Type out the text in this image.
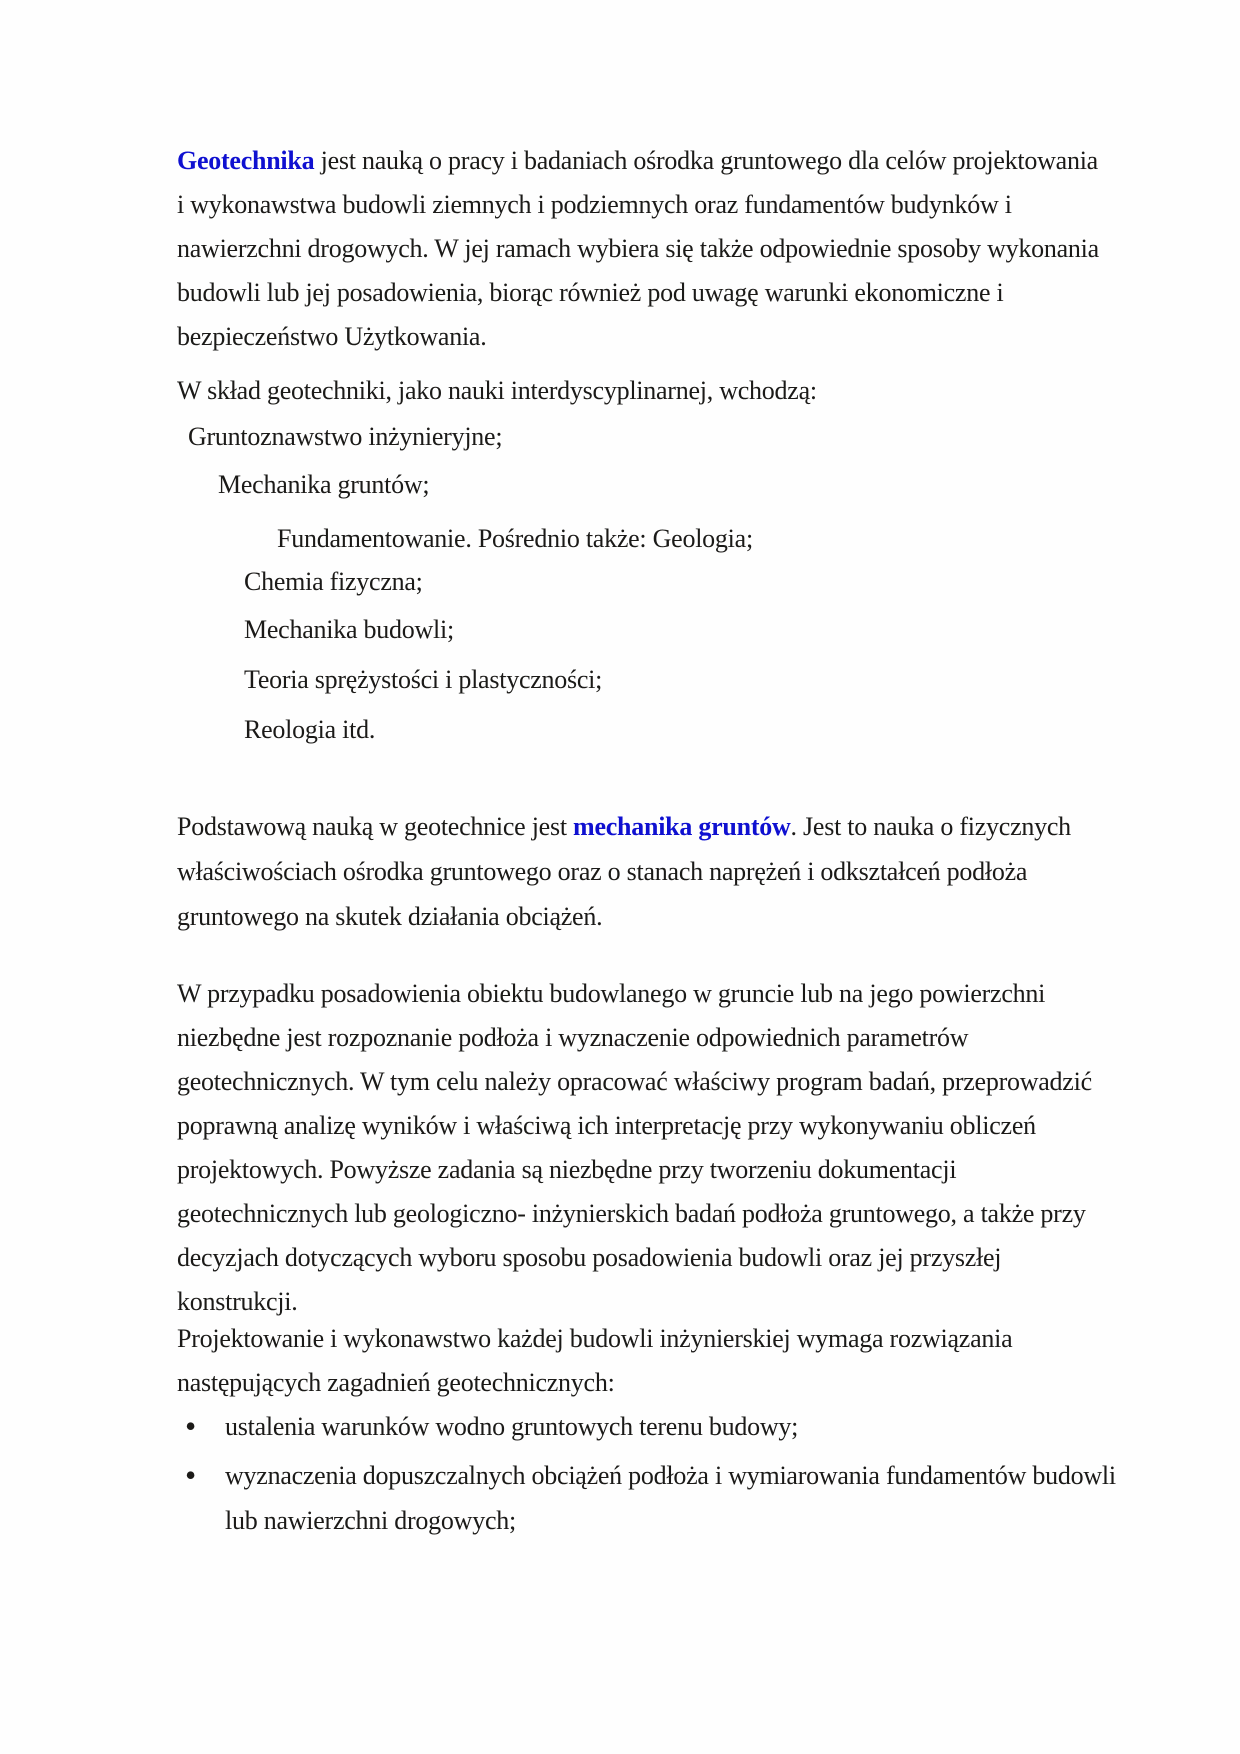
Geotechnika jest nauką o pracy i badaniach ośrodka gruntowego dla celów projektowania
i wykonawstwa budowli ziemnych i podziemnych oraz fundamentów budynków i
nawierzchni drogowych. W jej ramach wybiera się także odpowiednie sposoby wykonania
budowli lub jej posadowienia, biorąc również pod uwagę warunki ekonomiczne i
bezpieczeństwo Użytkowania.
W skład geotechniki, jako nauki interdyscyplinarnej, wchodzą:
Gruntoznawstwo inżynieryjne;
Mechanika gruntów;
Fundamentowanie. Pośrednio także: Geologia;
Chemia fizyczna;
Mechanika budowli;
Teoria sprężystości i plastyczności;
Reologia itd.
Podstawową nauką w geotechnice jest mechanika gruntów. Jest to nauka o fizycznych
właściwościach ośrodka gruntowego oraz o stanach naprężeń i odkształceń podłoża
gruntowego na skutek działania obciążeń.
W przypadku posadowienia obiektu budowlanego w gruncie lub na jego powierzchni
niezbędne jest rozpoznanie podłoża i wyznaczenie odpowiednich parametrów
geotechnicznych. W tym celu należy opracować właściwy program badań, przeprowadzić
poprawną analizę wyników i właściwą ich interpretację przy wykonywaniu obliczeń
projektowych. Powyższe zadania są niezbędne przy tworzeniu dokumentacji
geotechnicznych lub geologiczno- inżynierskich badań podłoża gruntowego, a także przy
decyzjach dotyczących wyboru sposobu posadowienia budowli oraz jej przyszłej
konstrukcji.
Projektowanie i wykonawstwo każdej budowli inżynierskiej wymaga rozwiązania
następujących zagadnień geotechnicznych:
• ustalenia warunków wodno gruntowych terenu budowy;
• wyznaczenia dopuszczalnych obciążeń podłoża i wymiarowania fundamentów budowli
lub nawierzchni drogowych;
